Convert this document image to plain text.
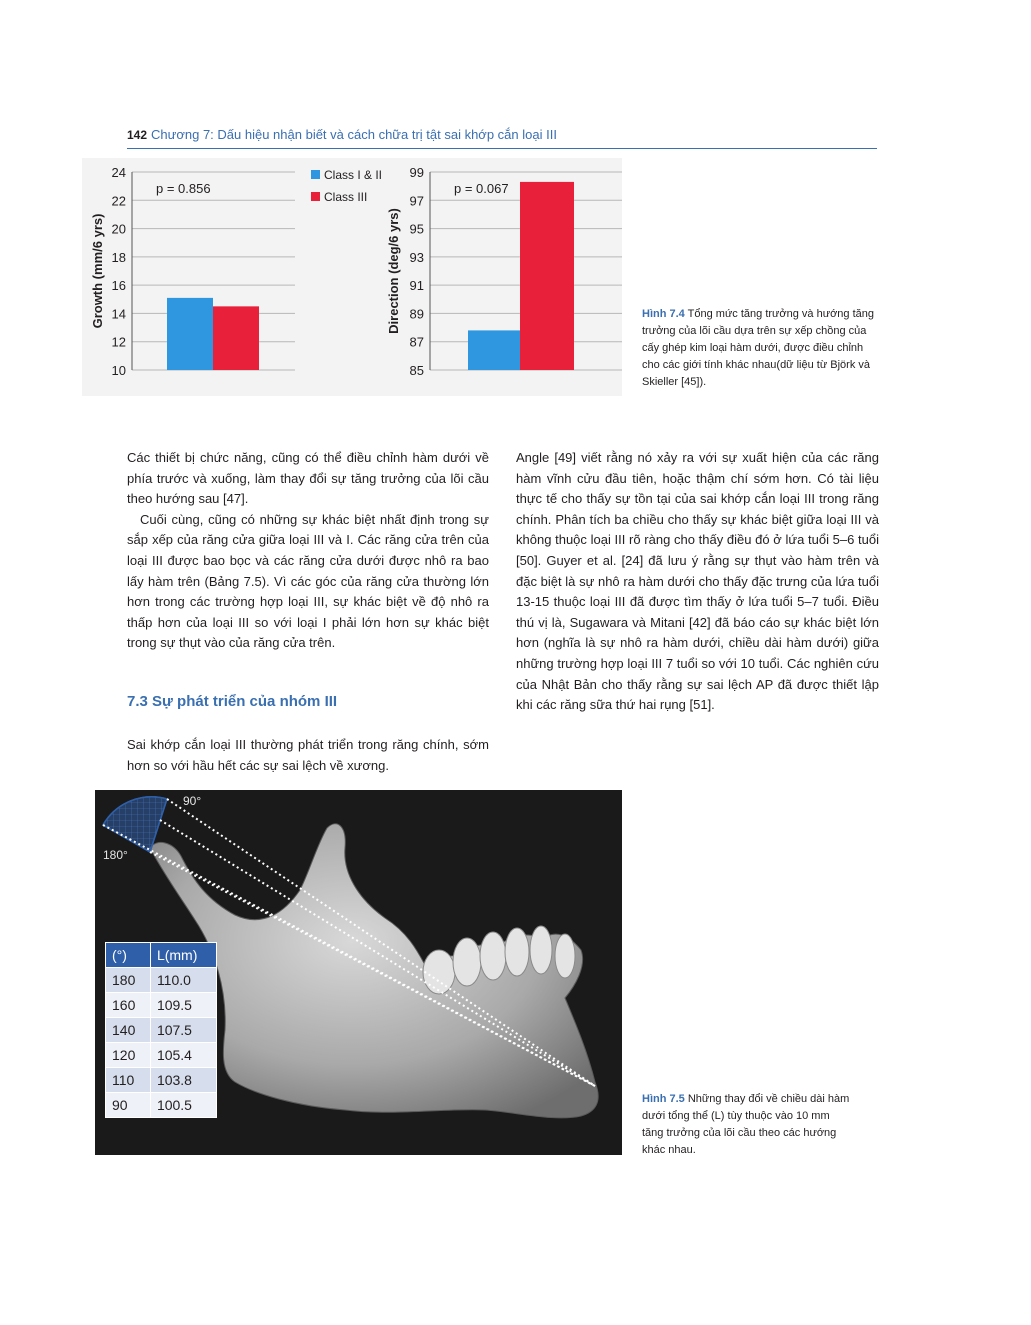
142 Chương 7: Dấu hiệu nhận biết và cách chữa trị tật sai khớp cắn loại III
24
22
20
18
16
14
12
10
Growth (mm/6 yrs)
p = 0.856
99
97
95
93
91
89
87
85
Direction (deg/6 yrs)
p = 0.067
Class I & II
Class III
Hình 7.4 Tổng mức tăng trưởng và hướng tăng trưởng của lõi cầu dựa trên sự xếp chồng của cấy ghép kim loại hàm dưới, được điều chỉnh cho các giới tính khác nhau(dữ liệu từ Björk và Skieller [45]).

Các thiết bị chức năng, cũng có thể điều chỉnh hàm dưới về phía trước và xuống, làm thay đổi sự tăng trưởng của lõi cầu theo hướng sau [47].

Cuối cùng, cũng có những sự khác biệt nhất định trong sự sắp xếp của răng cửa giữa loại III và I. Các răng cửa trên của loại III được bao bọc và các răng cửa dưới được nhô ra bao lấy hàm trên (Bảng 7.5). Vì các góc của răng cửa thường lớn hơn trong các trường hợp loại III, sự khác biệt về độ nhô ra thấp hơn của loại III so với loại I phải lớn hơn sự khác biệt trong sự thụt vào của răng cửa trên.

7.3 Sự phát triển của nhóm III

Sai khớp cắn loại III thường phát triển trong răng chính, sớm hơn so với hầu hết các sự sai lệch về xương.

Angle [49] viết rằng nó xảy ra với sự xuất hiện của các răng hàm vĩnh cửu đầu tiên, hoặc thậm chí sớm hơn. Có tài liệu thực tế cho thấy sự tồn tại của sai khớp cắn loại III trong răng chính. Phân tích ba chiều cho thấy sự khác biệt giữa loại III và không thuộc loại III rõ ràng cho thấy điều đó ở lứa tuổi 5–6 tuổi [50]. Guyer et al. [24] đã lưu ý rằng sự thụt vào hàm trên và đặc biệt là sự nhô ra hàm dưới cho thấy đặc trưng của lứa tuổi 13-15 thuộc loại III đã được tìm thấy ở lứa tuổi 5–7 tuổi. Điều thú vị là, Sugawara và Mitani [42] đã báo cáo sự khác biệt lớn hơn (nghĩa là sự nhô ra hàm dưới, chiều dài hàm dưới) giữa những trường hợp loại III 7 tuổi so với 10 tuổi. Các nghiên cứu của Nhật Bản cho thấy rằng sự sai lệch AP đã được thiết lập khi các răng sữa thứ hai rụng [51].

90°
180°
(°)	L(mm)
180	110.0
160	109.5
140	107.5
120	105.4
110	103.8
90	100.5	Hình 7.5 Những thay đổi về chiều dài hàm dưới tổng thể (L) tùy thuộc vào 10 mm tăng trưởng của lõi cầu theo các hướng khác nhau.
